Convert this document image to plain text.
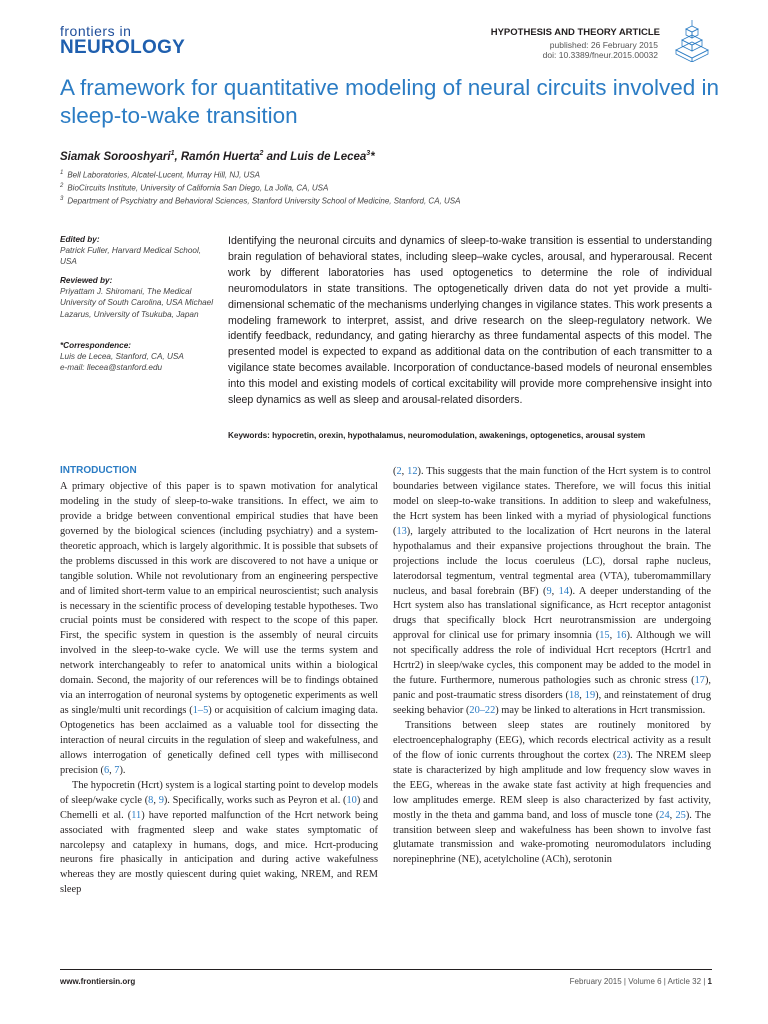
frontiers in
NEUROLOGY
HYPOTHESIS AND THEORY ARTICLE
published: 26 February 2015
doi: 10.3389/fneur.2015.00032
A framework for quantitative modeling of neural circuits involved in sleep-to-wake transition
Siamak Sorooshyari$^1$, Ramón Huerta$^2$ and Luis de Lecea$^3$*
$^1$ Bell Laboratories, Alcatel-Lucent, Murray Hill, NJ, USA
$^2$ BioCircuits Institute, University of California San Diego, La Jolla, CA, USA
$^3$ Department of Psychiatry and Behavioral Sciences, Stanford University School of Medicine, Stanford, CA, USA
Edited by:
Patrick Fuller, Harvard Medical School, USA
Reviewed by:
Priyattam J. Shiromani, The Medical University of South Carolina, USA Michael Lazarus, University of Tsukuba, Japan
*Correspondence:
Luis de Lecea, Stanford, CA, USA
e-mail: llecea@stanford.edu
Identifying the neuronal circuits and dynamics of sleep-to-wake transition is essential to understanding brain regulation of behavioral states, including sleep–wake cycles, arousal, and hyperarousal. Recent work by different laboratories has used optogenetics to determine the role of individual neuromodulators in state transitions. The optogenetically driven data do not yet provide a multi-dimensional schematic of the mechanisms underlying changes in vigilance states. This work presents a modeling framework to interpret, assist, and drive research on the sleep-regulatory network. We identify feedback, redundancy, and gating hierarchy as three fundamental aspects of this model. The presented model is expected to expand as additional data on the contribution of each transmitter to a vigilance state becomes available. Incorporation of conductance-based models of neuronal ensembles into this model and existing models of cortical excitability will provide more comprehensive insight into sleep dynamics as well as sleep and arousal-related disorders.
Keywords: hypocretin, orexin, hypothalamus, neuromodulation, awakenings, optogenetics, arousal system
INTRODUCTION

A primary objective of this paper is to spawn motivation for analytical modeling in the study of sleep-to-wake transitions. In effect, we aim to provide a bridge between conventional empirical studies that have been governed by the biological sciences (including psychiatry) and a system-theoretic approach, which is largely algorithmic. It is possible that subsets of the problems discussed in this work are discovered to not have a unique or tangible solution. While not revolutionary from an engineering perspective and of limited short-term value to an empirical neuroscientist; such analysis is necessary in the scientific process of developing testable hypotheses. Two crucial points must be considered with respect to the scope of this paper. First, the specific system in question is the assembly of neural circuits involved in the sleep-to-wake cycle. We will use the terms system and network interchangeably to refer to anatomical units within a biological domain. Second, the majority of our references will be to findings obtained via an interrogation of neuronal systems by optogenetic experiments as well as single/multi unit recordings (1–5) or acquisition of calcium imaging data. Optogenetics has been acclaimed as a valuable tool for dissecting the interaction of neural circuits in the regulation of sleep and wakefulness, and allows interrogation of genetically defined cell types with millisecond precision (6, 7).

The hypocretin (Hcrt) system is a logical starting point to develop models of sleep/wake cycle (8, 9). Specifically, works such as Peyron et al. (10) and Chemelli et al. (11) have reported malfunction of the Hcrt network being associated with fragmented sleep and wake states symptomatic of narcolepsy and cataplexy in humans, dogs, and mice. Hcrt-producing neurons fire phasically in anticipation and during active wakefulness whereas they are mostly quiescent during quiet waking, NREM, and REM sleep

(2, 12). This suggests that the main function of the Hcrt system is to control boundaries between vigilance states. Therefore, we will focus this initial model on sleep-to-wake transitions. In addition to sleep and wakefulness, the Hcrt system has been linked with a myriad of physiological functions (13), largely attributed to the localization of Hcrt neurons in the lateral hypothalamus and their expansive projections throughout the brain. The projections include the locus coeruleus (LC), dorsal raphe nucleus, laterodorsal tegmentum, ventral tegmental area (VTA), tuberomammillary nucleus, and basal forebrain (BF) (9, 14). A deeper understanding of the Hcrt system also has translational significance, as Hcrt receptor antagonist drugs that specifically block Hcrt neurotransmission are undergoing approval for clinical use for primary insomnia (15, 16). Although we will not specifically address the role of individual Hcrt receptors (Hcrtr1 and Hcrtr2) in sleep/wake cycles, this component may be added to the model in the future. Furthermore, numerous pathologies such as chronic stress (17), panic and post-traumatic stress disorders (18, 19), and reinstatement of drug seeking behavior (20–22) may be linked to alterations in Hcrt transmission.

Transitions between sleep states are routinely monitored by electroencephalography (EEG), which records electrical activity as a result of the flow of ionic currents throughout the cortex (23). The NREM sleep state is characterized by high amplitude and low frequency slow waves in the EEG, whereas in the awake state fast activity at high frequencies and low amplitudes emerge. REM sleep is also characterized by fast activity, mostly in the theta and gamma band, and loss of muscle tone (24, 25). The transition between sleep and wakefulness has been shown to involve fast glutamate transmission and wake-promoting neuromodulators including norepinephrine (NE), acetylcholine (ACh), serotonin

www.frontiersin.org	February 2015 | Volume 6 | Article 32 | 1
